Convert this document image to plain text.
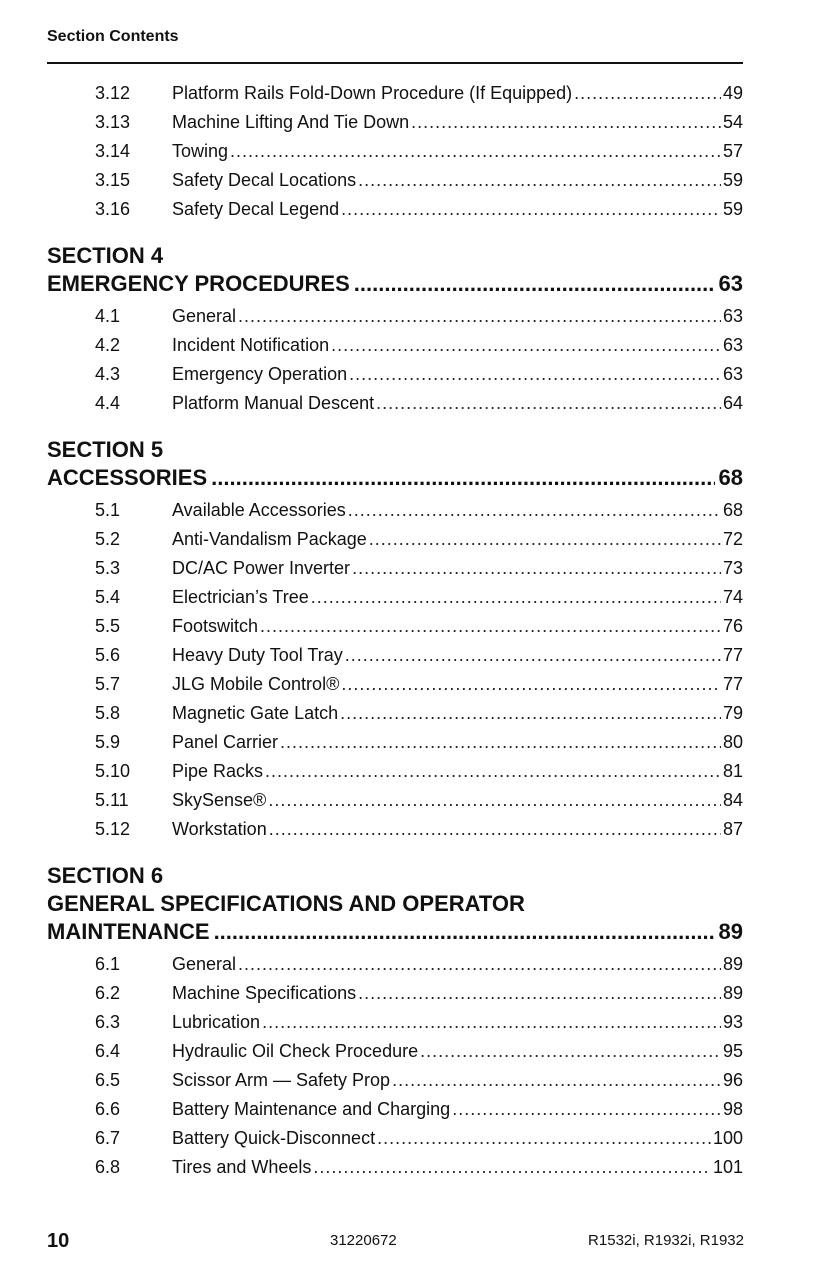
Section Contents
3.12	Platform Rails Fold-Down Procedure (If Equipped) . . .	49
3.13	Machine Lifting And Tie Down . . .	54
3.14	Towing . . .	57
3.15	Safety Decal Locations . . .	59
3.16	Safety Decal Legend . . .	59
SECTION 4
EMERGENCY PROCEDURES .....	63
4.1	General . . .	63
4.2	Incident Notification . . .	63
4.3	Emergency Operation . . .	63
4.4	Platform Manual Descent . . .	64
SECTION 5
ACCESSORIES .....	68
5.1	Available Accessories . . .	68
5.2	Anti-Vandalism Package . . .	72
5.3	DC/AC Power Inverter . . .	73
5.4	Electrician’s Tree . . .	74
5.5	Footswitch . . .	76
5.6	Heavy Duty Tool Tray . . .	77
5.7	JLG Mobile Control® . . .	77
5.8	Magnetic Gate Latch . . .	79
5.9	Panel Carrier . . .	80
5.10	Pipe Racks . . .	81
5.11	SkySense® . . .	84
5.12	Workstation . . .	87
SECTION 6
GENERAL SPECIFICATIONS AND OPERATOR
MAINTENANCE .....	89
6.1	General . . .	89
6.2	Machine Specifications . . .	89
6.3	Lubrication . . .	93
6.4	Hydraulic Oil Check Procedure . . .	95
6.5	Scissor Arm — Safety Prop . . .	96
6.6	Battery Maintenance and Charging . . .	98
6.7	Battery Quick-Disconnect . . .	100
6.8	Tires and Wheels . . .	101
10	31220672	R1532i, R1932i, R1932
